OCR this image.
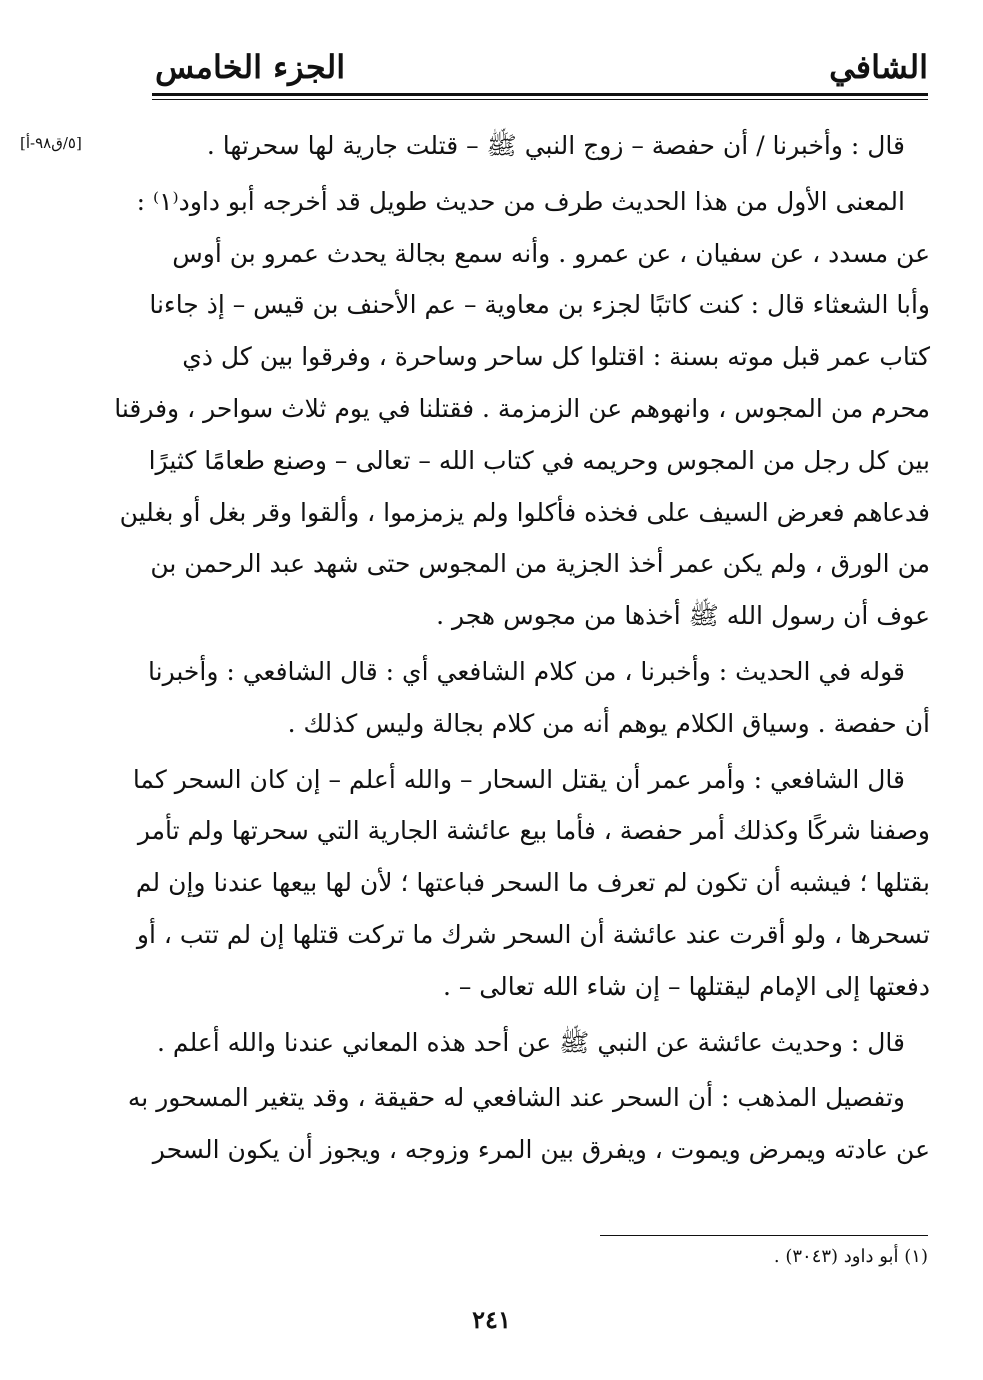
الشافي
الجزء الخامس
[٥/ق٩٨-أ]	قال : وأخبرنا / أن حفصة – زوج النبي ﷺ – قتلت جارية لها سحرتها .
المعنى الأول من هذا الحديث طرف من حديث طويل قد أخرجه أبو داود⁽١⁾ :
عن مسدد ، عن سفيان ، عن عمرو . وأنه سمع بجالة يحدث عمرو بن أوس
وأبا الشعثاء قال : كنت كاتبًا لجزء بن معاوية – عم الأحنف بن قيس – إذ جاءنا
كتاب عمر قبل موته بسنة : اقتلوا كل ساحر وساحرة ، وفرقوا بين كل ذي
محرم من المجوس ، وانهوهم عن الزمزمة . فقتلنا في يوم ثلاث سواحر ، وفرقنا
بين كل رجل من المجوس وحريمه في كتاب الله – تعالى – وصنع طعامًا كثيرًا
فدعاهم فعرض السيف على فخذه فأكلوا ولم يزمزموا ، وألقوا وقر بغل أو بغلين
من الورق ، ولم يكن عمر أخذ الجزية من المجوس حتى شهد عبد الرحمن بن
عوف أن رسول الله ﷺ أخذها من مجوس هجر .
قوله في الحديث : وأخبرنا ، من كلام الشافعي أي : قال الشافعي : وأخبرنا
أن حفصة . وسياق الكلام يوهم أنه من كلام بجالة وليس كذلك .
قال الشافعي : وأمر عمر أن يقتل السحار – والله أعلم – إن كان السحر كما
وصفنا شركًا وكذلك أمر حفصة ، فأما بيع عائشة الجارية التي سحرتها ولم تأمر
بقتلها ؛ فيشبه أن تكون لم تعرف ما السحر فباعتها ؛ لأن لها بيعها عندنا وإن لم
تسحرها ، ولو أقرت عند عائشة أن السحر شرك ما تركت قتلها إن لم تتب ، أو
دفعتها إلى الإمام ليقتلها – إن شاء الله تعالى – .
قال : وحديث عائشة عن النبي ﷺ عن أحد هذه المعاني عندنا والله أعلم .
وتفصيل المذهب : أن السحر عند الشافعي له حقيقة ، وقد يتغير المسحور به
عن عادته ويمرض ويموت ، ويفرق بين المرء وزوجه ، ويجوز أن يكون السحر
(١) أبو داود (٣٠٤٣) .
٢٤١
